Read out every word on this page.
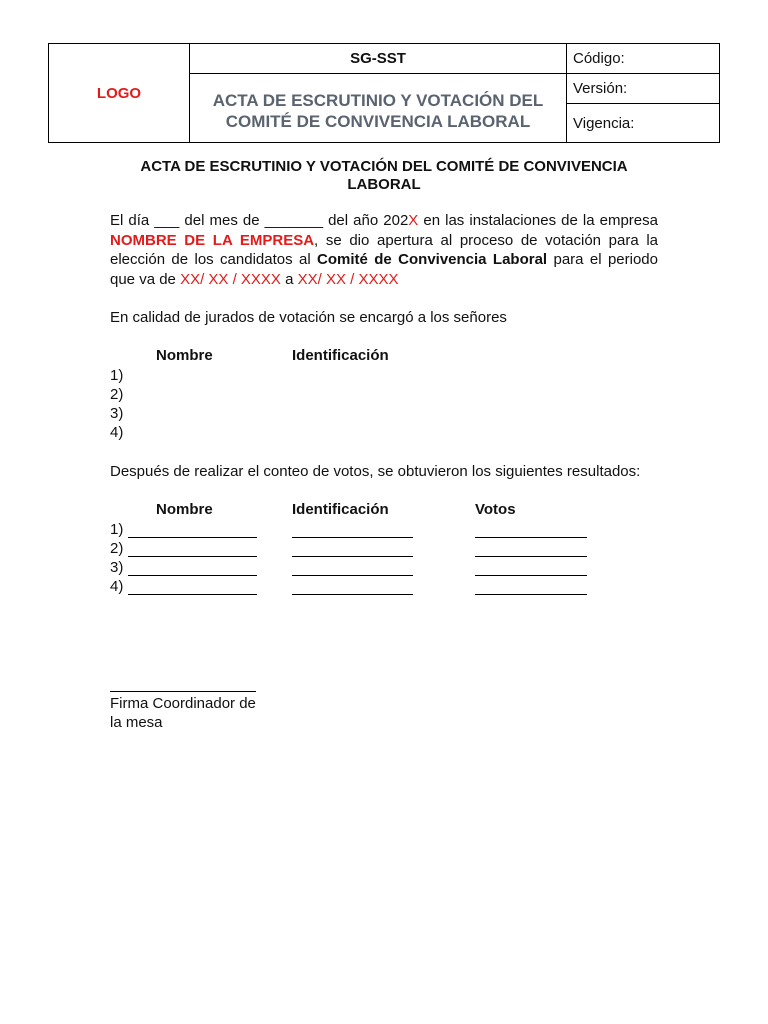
LOGO	SG-SST	Código:
	ACTA DE ESCRUTINIO Y VOTACIÓN DEL COMITÉ DE CONVIVENCIA LABORAL	Versión:
		Vigencia:
ACTA DE ESCRUTINIO Y VOTACIÓN DEL COMITÉ DE CONVIVENCIA LABORAL
El día ___ del mes de _______ del año 202X en las instalaciones de la empresa NOMBRE DE LA EMPRESA, se dio apertura al proceso de votación para la elección de los candidatos al Comité de Convivencia Laboral para el periodo que va de XX/ XX / XXXX a XX/ XX / XXXX
En calidad de jurados de votación se encargó a los señores
Nombre	Identificación
1)
2)
3)
4)
Después de realizar el conteo de votos, se obtuvieron los siguientes resultados:
Nombre	Identificación	Votos
1)
2)
3)
4)
Firma Coordinador de la mesa
